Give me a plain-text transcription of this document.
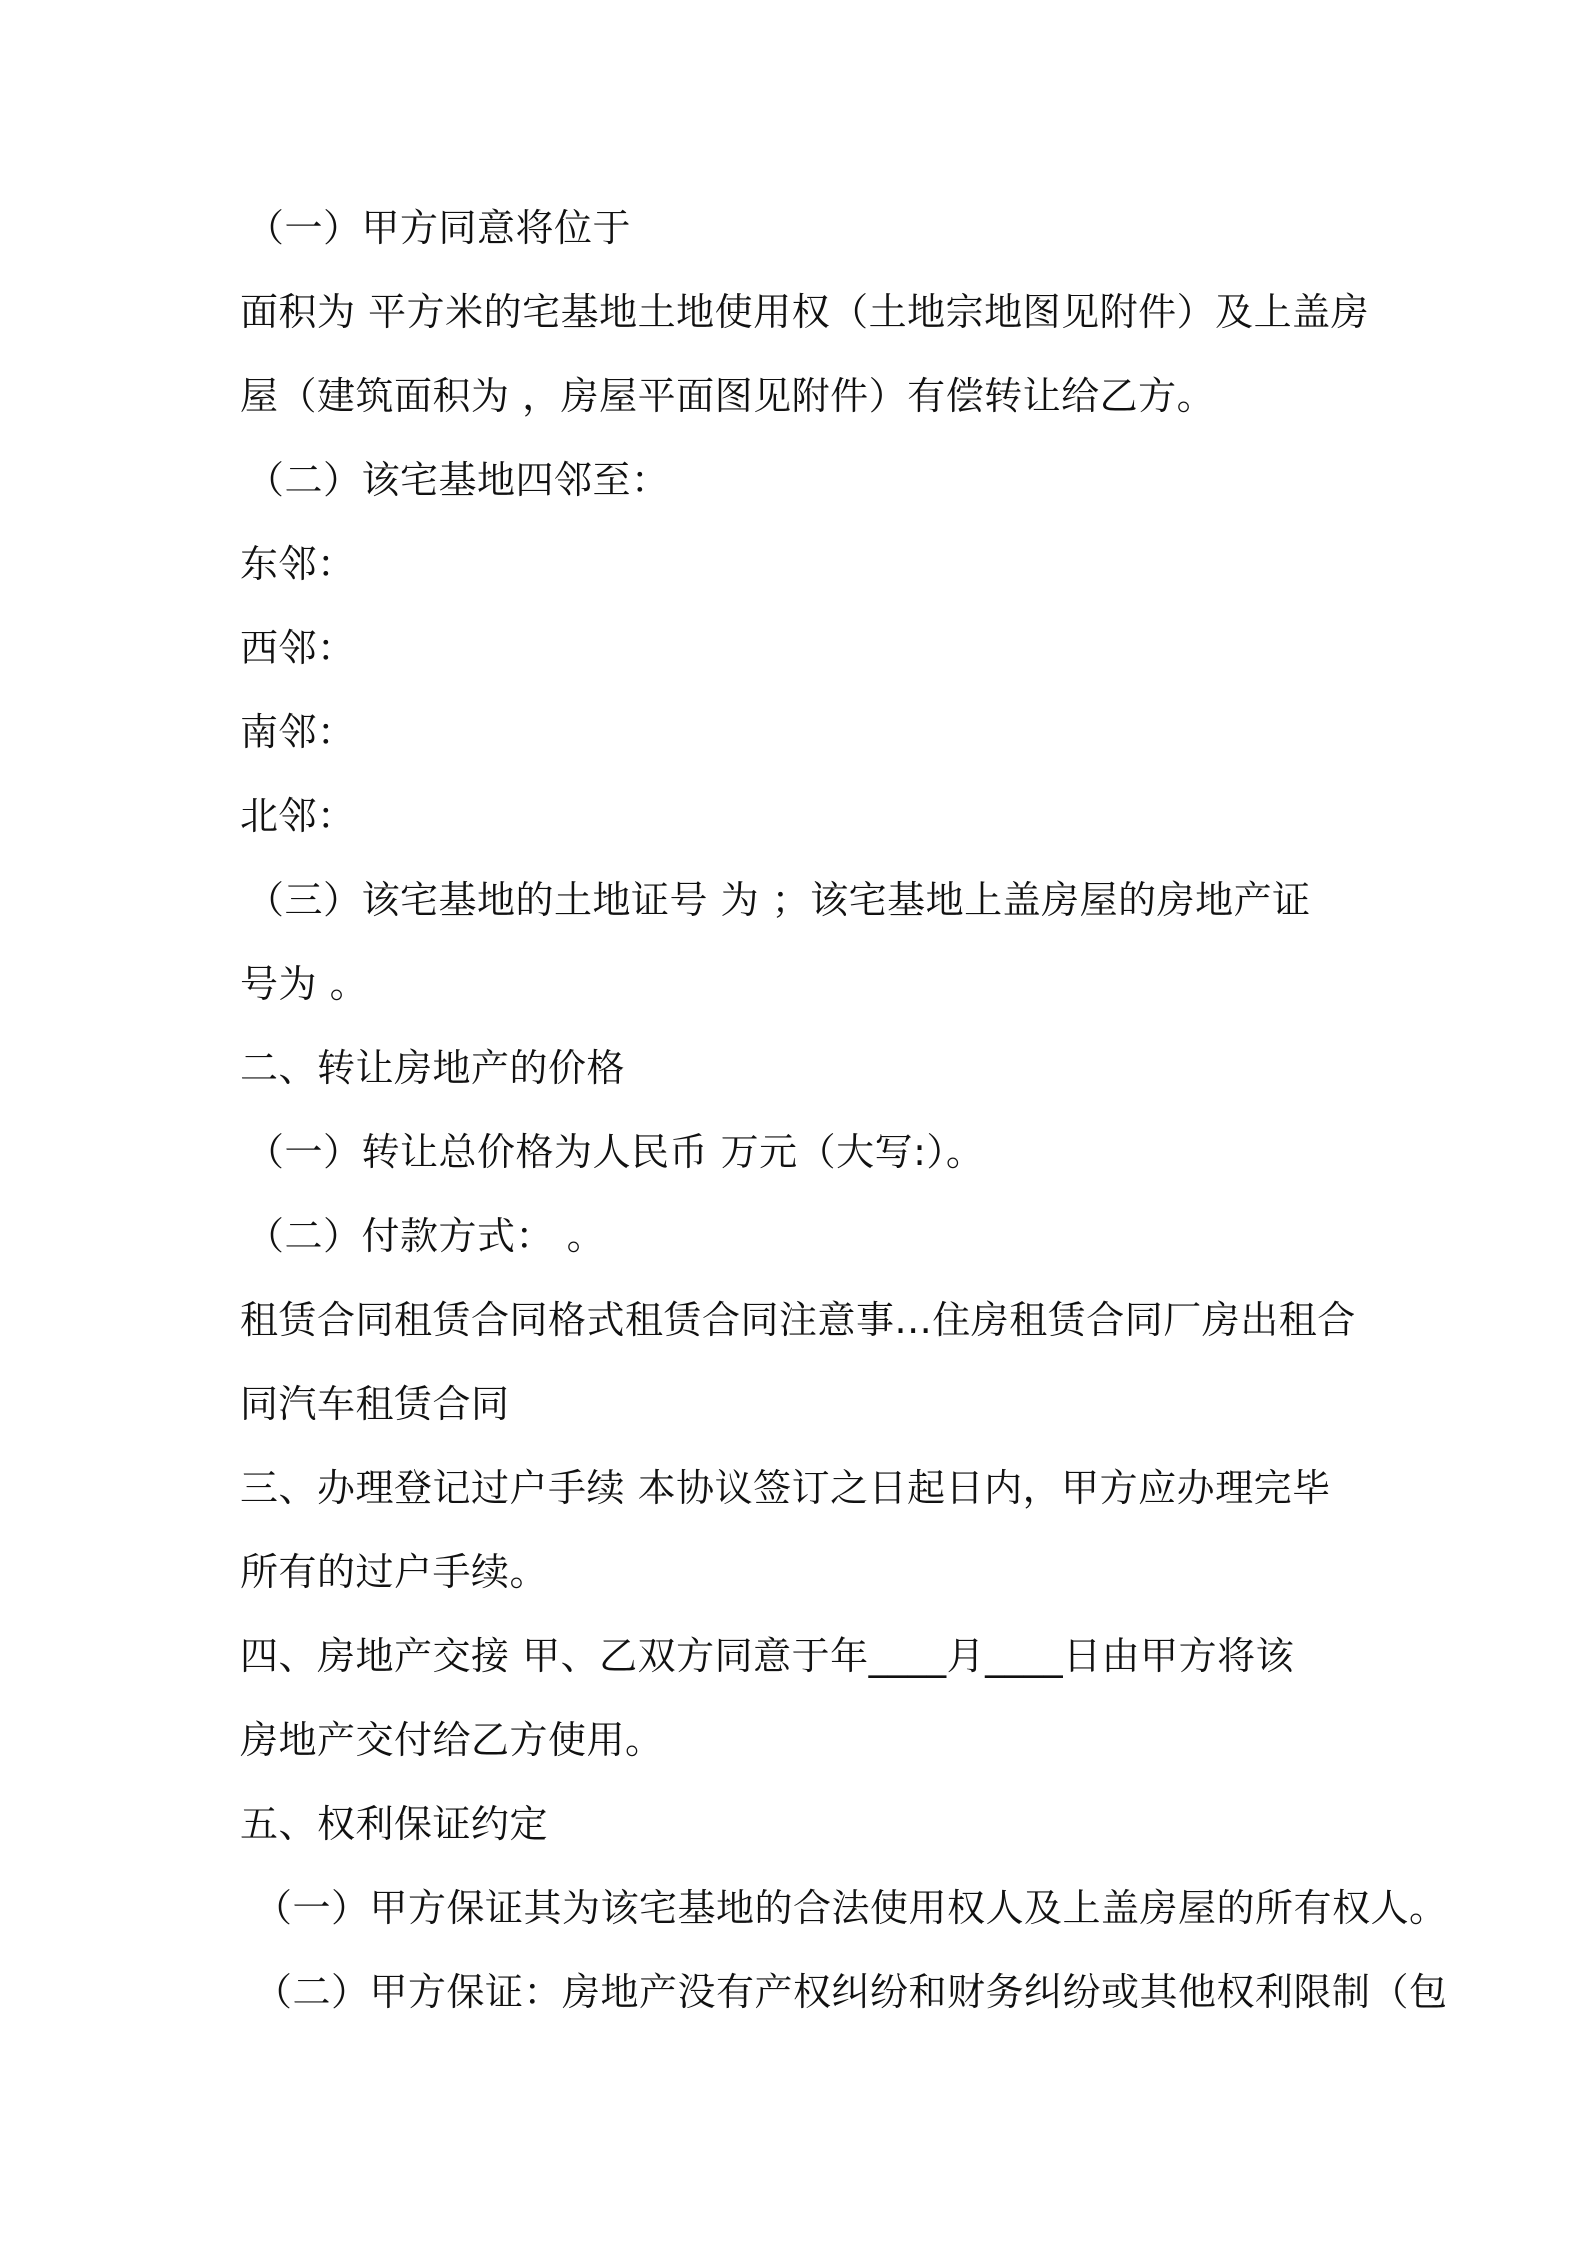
（一）甲方同意将位于
面积为 平方米的宅基地土地使用权（土地宗地图见附件）及上盖房
屋（建筑面积为 ，房屋平面图见附件）有偿转让给乙方。
（二）该宅基地四邻至：
东邻：
西邻：
南邻：
北邻：
（三）该宅基地的土地证号 为 ；该宅基地上盖房屋的房地产证
号为 。
二、转让房地产的价格
（一）转让总价格为人民币 万元（大写:）。
（二）付款方式： 。
租赁合同租赁合同格式租赁合同注意事...住房租赁合同厂房出租合
同汽车租赁合同
三、办理登记过户手续 本协议签订之日起日内，甲方应办理完毕
所有的过户手续。
四、房地产交接 甲、乙双方同意于年____月____日由甲方将该
房地产交付给乙方使用。
五、权利保证约定
（一）甲方保证其为该宅基地的合法使用权人及上盖房屋的所有权人。
（二）甲方保证：房地产没有产权纠纷和财务纠纷或其他权利限制（包
